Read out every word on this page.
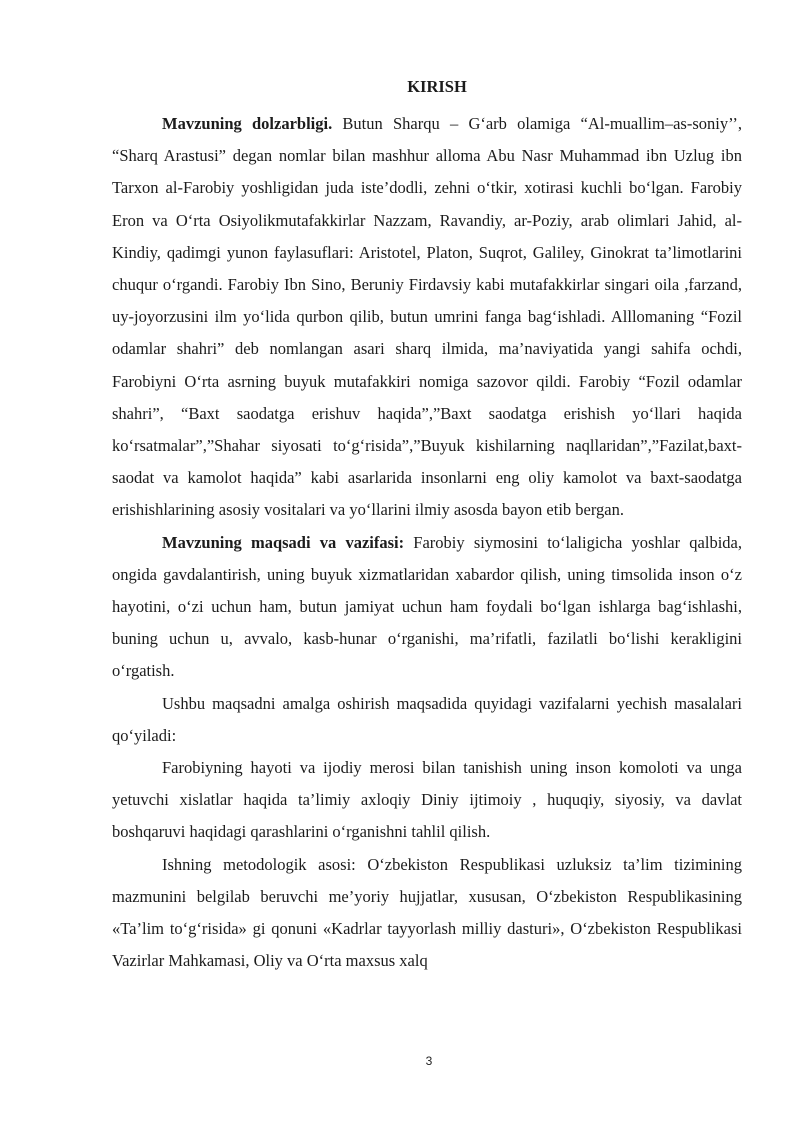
KIRISH

Mavzuning dolzarbligi. Butun Sharqu – G‘arb olamiga “Al-muallim–as-soniy’’, “Sharq Arastusi” degan nomlar bilan mashhur alloma Abu Nasr Muhammad ibn Uzlug ibn Tarxon al-Farobiy yoshligidan juda iste’dodli, zehni o‘tkir, xotirasi kuchli bo‘lgan. Farobiy Eron va O‘rta Osiyolikmutafakkirlar Nazzam, Ravandiy, ar-Poziy, arab olimlari Jahid, al-Kindiy, qadimgi yunon faylasuflari: Aristotel, Platon, Suqrot, Galiley, Ginokrat ta’limotlarini chuqur o‘rgandi. Farobiy Ibn Sino, Beruniy Firdavsiy kabi mutafakkirlar singari oila ,farzand, uy-joyorzusini ilm yo‘lida qurbon qilib, butun umrini fanga bag‘ishladi. Alllomaning “Fozil odamlar shahri” deb nomlangan asari sharq ilmida, ma’naviyatida yangi sahifa ochdi, Farobiyni O‘rta asrning buyuk mutafakkiri nomiga sazovor qildi. Farobiy “Fozil odamlar shahri”, “Baxt saodatga erishuv haqida”,”Baxt saodatga erishish yo‘llari haqida ko‘rsatmalar”,”Shahar siyosati to‘g‘risida”,”Buyuk kishilarning naqllaridan”,”Fazilat,baxt-saodat va kamolot haqida” kabi asarlarida insonlarni eng oliy kamolot va baxt-saodatga erishishlarining asosiy vositalari va yo‘llarini ilmiy asosda bayon etib bergan.

Mavzuning maqsadi va vazifasi: Farobiy siymosini to‘laligicha yoshlar qalbida, ongida gavdalantirish, uning buyuk xizmatlaridan xabardor qilish, uning timsolida inson o‘z hayotini, o‘zi uchun ham, butun jamiyat uchun ham foydali bo‘lgan ishlarga bag‘ishlashi, buning uchun u, avvalo, kasb-hunar o‘rganishi, ma’rifatli, fazilatli bo‘lishi kerakligini o‘rgatish.

Ushbu maqsadni amalga oshirish maqsadida quyidagi vazifalarni yechish masalalari qo‘yiladi:

Farobiyning hayoti va ijodiy merosi bilan tanishish uning inson komoloti va unga yetuvchi xislatlar haqida ta’limiy axloqiy Diniy ijtimoiy , huquqiy, siyosiy, va davlat boshqaruvi haqidagi qarashlarini o‘rganishni tahlil qilish.

Ishning metodologik asosi: O‘zbekiston Respublikasi uzluksiz ta’lim tizimining mazmunini belgilab beruvchi me’yoriy hujjatlar, xususan, O‘zbekiston Respublikasining «Ta’lim to‘g‘risida» gi qonuni «Kadrlar tayyorlash milliy dasturi», O‘zbekiston Respublikasi Vazirlar Mahkamasi, Oliy va O‘rta maxsus xalq

3
